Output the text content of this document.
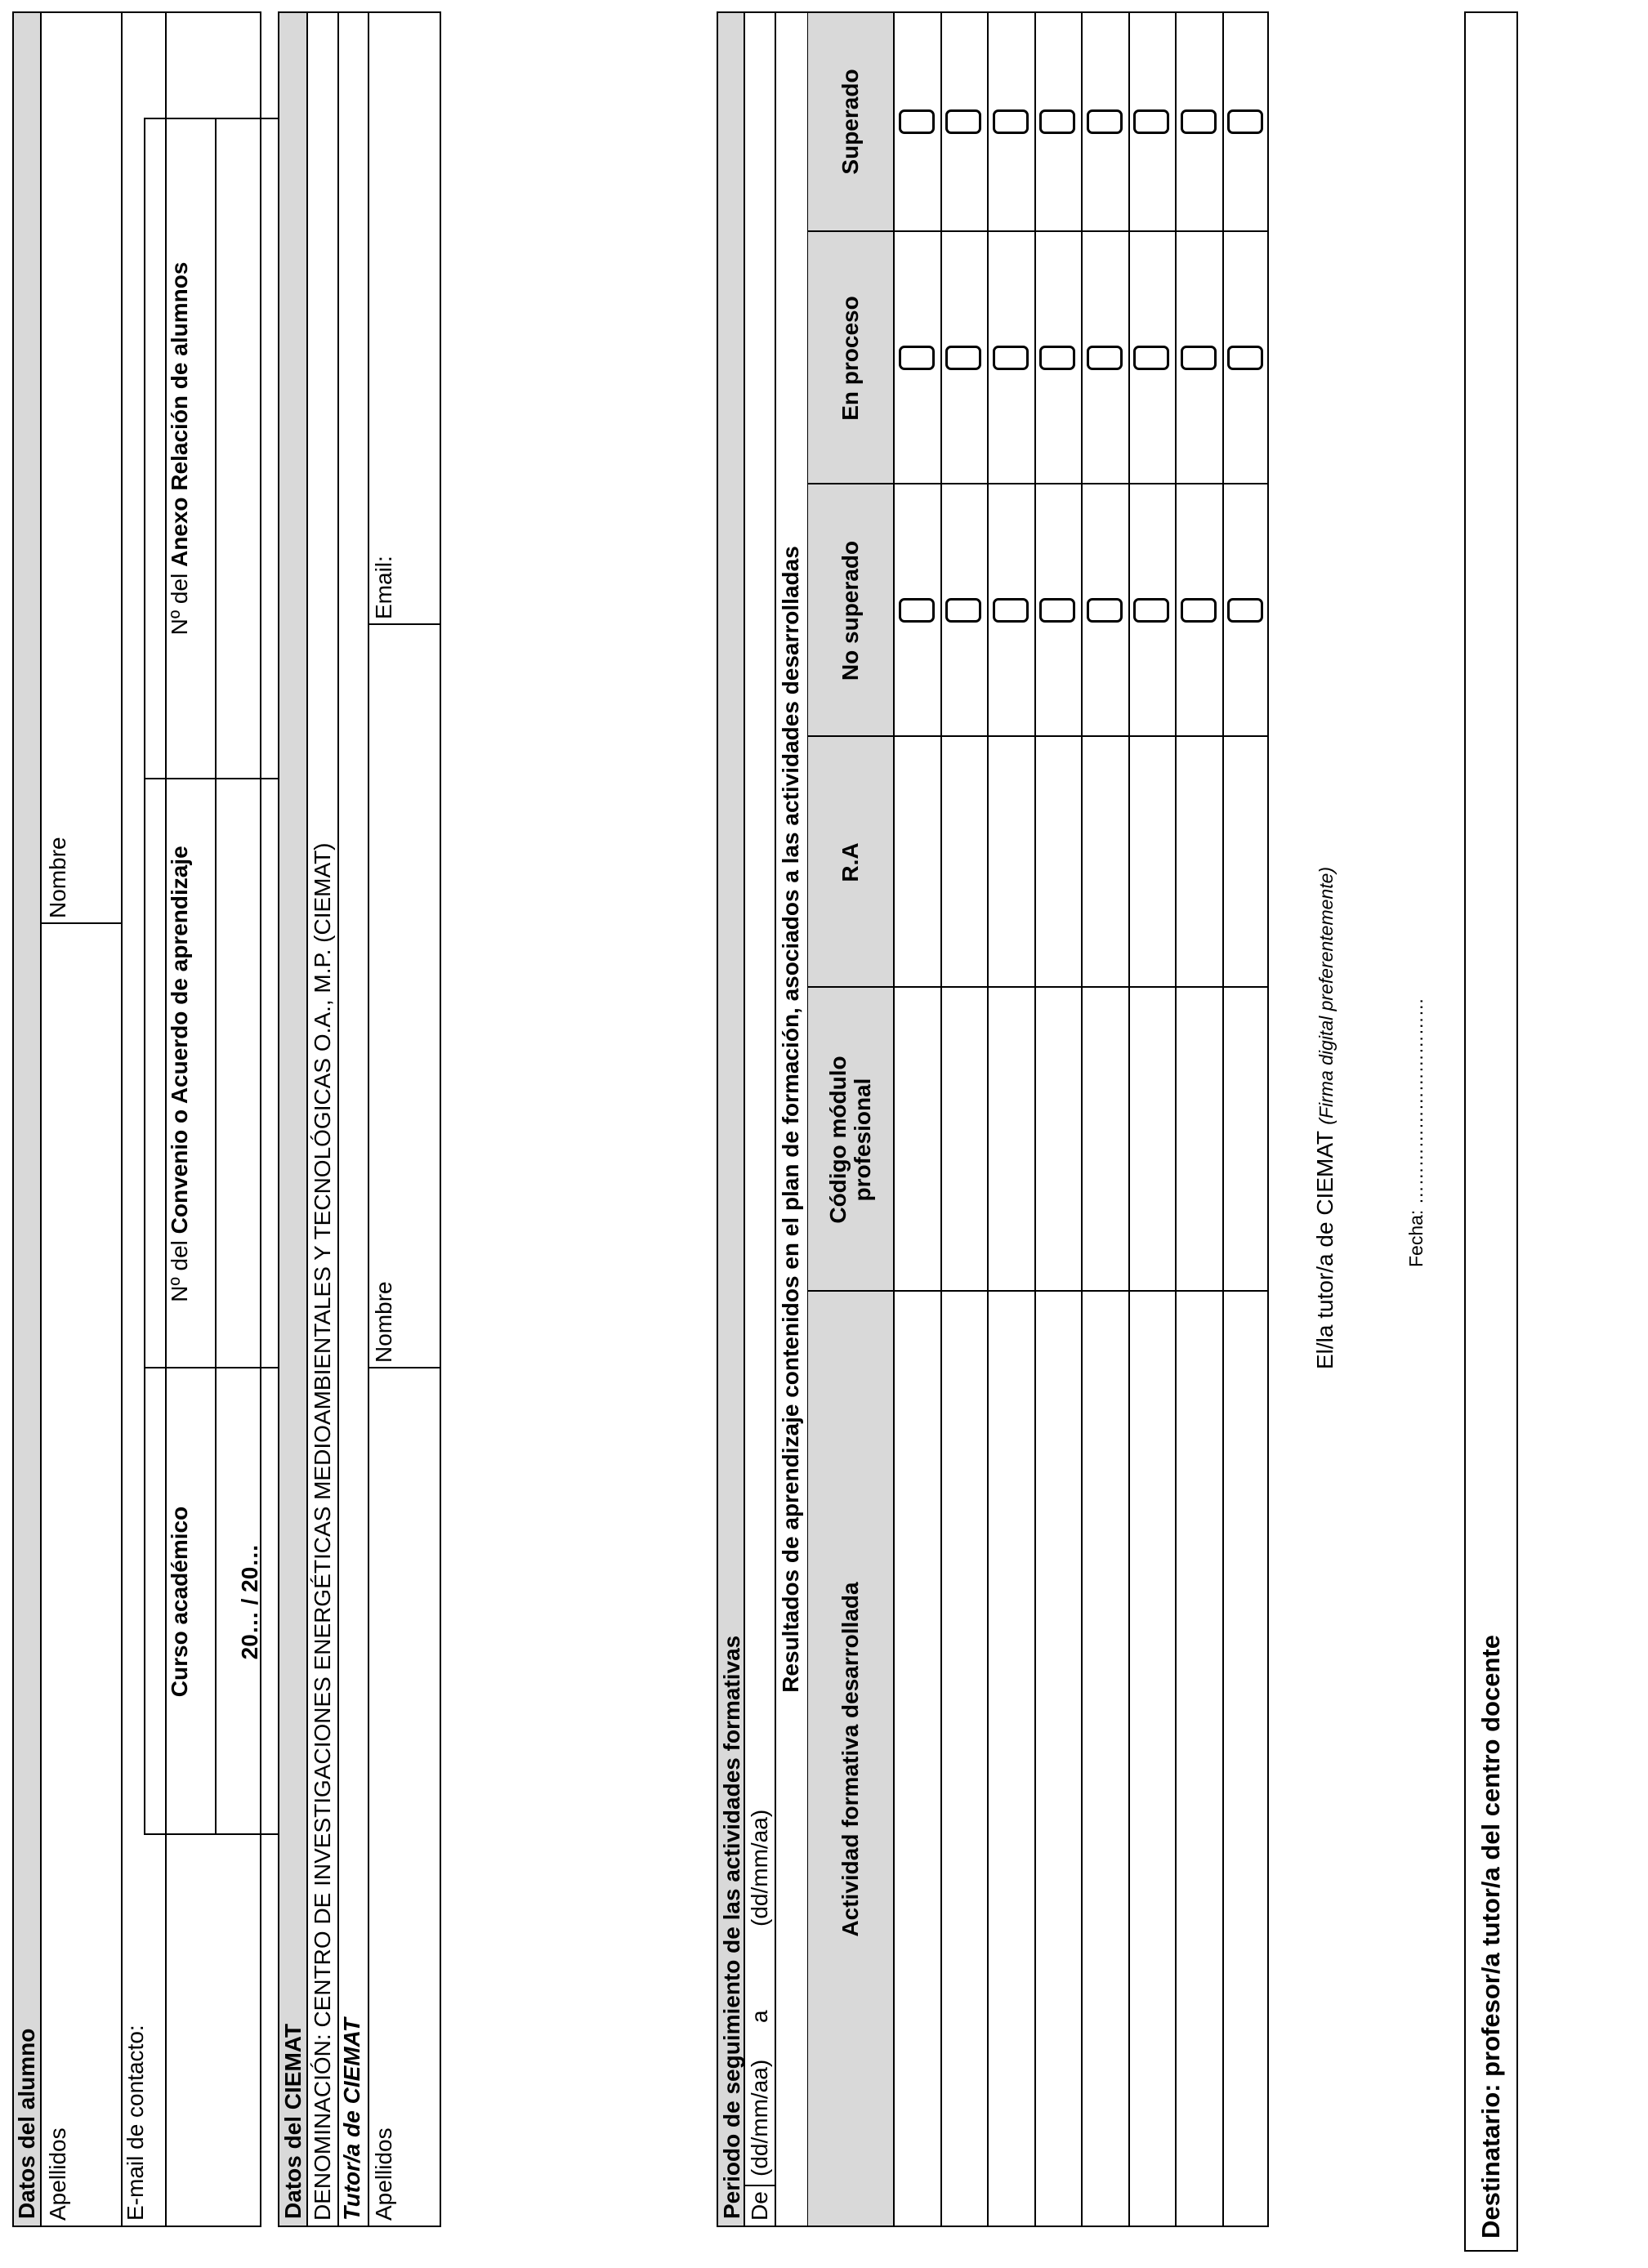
Curso académico	20… / 20…
Nº del

Convenio o Acuerdo de aprendizaje
Nº del

Anexo Relación de alumnos
Datos del alumno Apellidos
Nombre
E-mail de contacto:	Datos del CIEMAT DENOMINACIÓN: CENTRO DE INVESTIGACIONES ENERGÉTICAS MEDIOAMBIENTALES Y TECNOLÓGICAS O.A., M.P. (CIEMAT) Tutor/a de CIEMAT Apellidos
Nombre
Email:
Periodo de seguimiento de las actividades formativas De
(dd/mm/aa)
a
(dd/mm/aa)
Resultados de aprendizaje contenidos en el plan de formación, asociados a las actividades desarrolladas
Actividad formativa desarrollada
Código módulo
profesional
R.A
No superado
En proceso
Superado
El/la tutor/a de CIEMAT (Firma digital preferentemente)
Fecha: ……………………………
Destinatario: profesor/a tutor/a del centro docente
